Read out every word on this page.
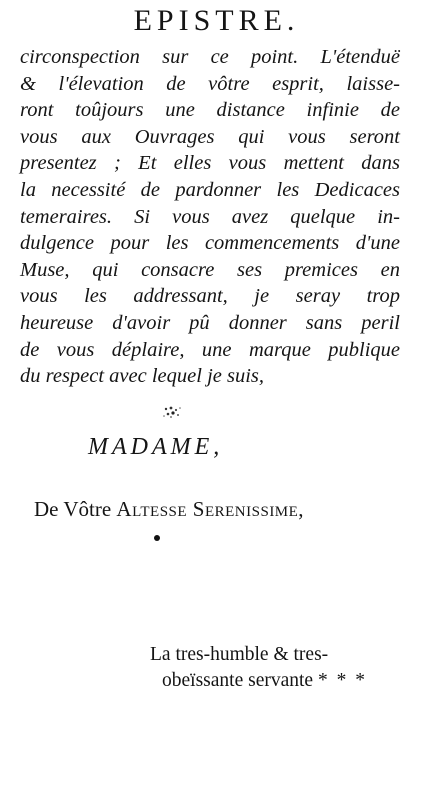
EPISTRE.
circonspection sur ce point. L'étenduë
& l'élevation de vôtre esprit, laisse-
ront toûjours une distance infinie de
vous aux Ouvrages qui vous seront
presentez ; Et elles vous mettent dans
la necessité de pardonner les Dedicaces
temeraires. Si vous avez quelque in-
dulgence pour les commencements d'une
Muse, qui consacre ses premices en
vous les addressant, je seray trop
heureuse d'avoir pû donner sans peril
de vous déplaire, une marque publique
du respect avec lequel je suis,
MADAME,
De Vôtre Altesse Serenissime,
La tres-humble & tres-
obeïssante servante * * *
